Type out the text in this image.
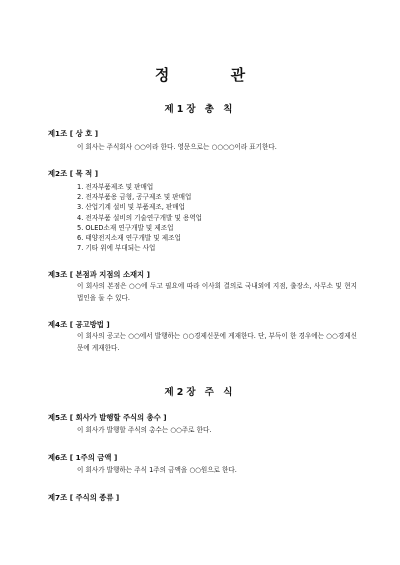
정 관
제1장 총 칙
제1조 [ 상 호 ]
이 회사는 주식회사 ○○이라 한다. 영문으로는 ○○○○이라 표기한다.
제2조 [ 목 적 ]
1. 전자부품제조 및 판매업
2. 전자부품용 금형, 공구제조 및 판매업
3. 산업기계 설비 및 부품제조, 판매업
4. 전자부품 설비의 기술연구개발 및 용역업
5. OLED소재 연구개발 및 제조업
6. 태양전지소재 연구개발 및 제조업
7. 기타 위에 부대되는 사업
제3조 [ 본점과 지점의 소재지 ]
이 회사의 본점은 ○○에 두고 필요에 따라 이사회 결의로 국내외에 지점, 출장소, 사무소 및 현지법인을 둘 수 있다.
제4조 [ 공고방법 ]
이 회사의 공고는 ○○에서 발행하는 ○○경제신문에 게재한다. 단, 부득이 한 경우에는 ○○경제신문에 게재한다.
제2장 주 식
제5조 [ 회사가 발행할 주식의 총수 ]
이 회사가 발행할 주식의 총수는 ○○주로 한다.
제6조 [ 1주의 금액 ]
이 회사가 발행하는 주식 1주의 금액을 ○○원으로 한다.
제7조 [ 주식의 종류 ]
